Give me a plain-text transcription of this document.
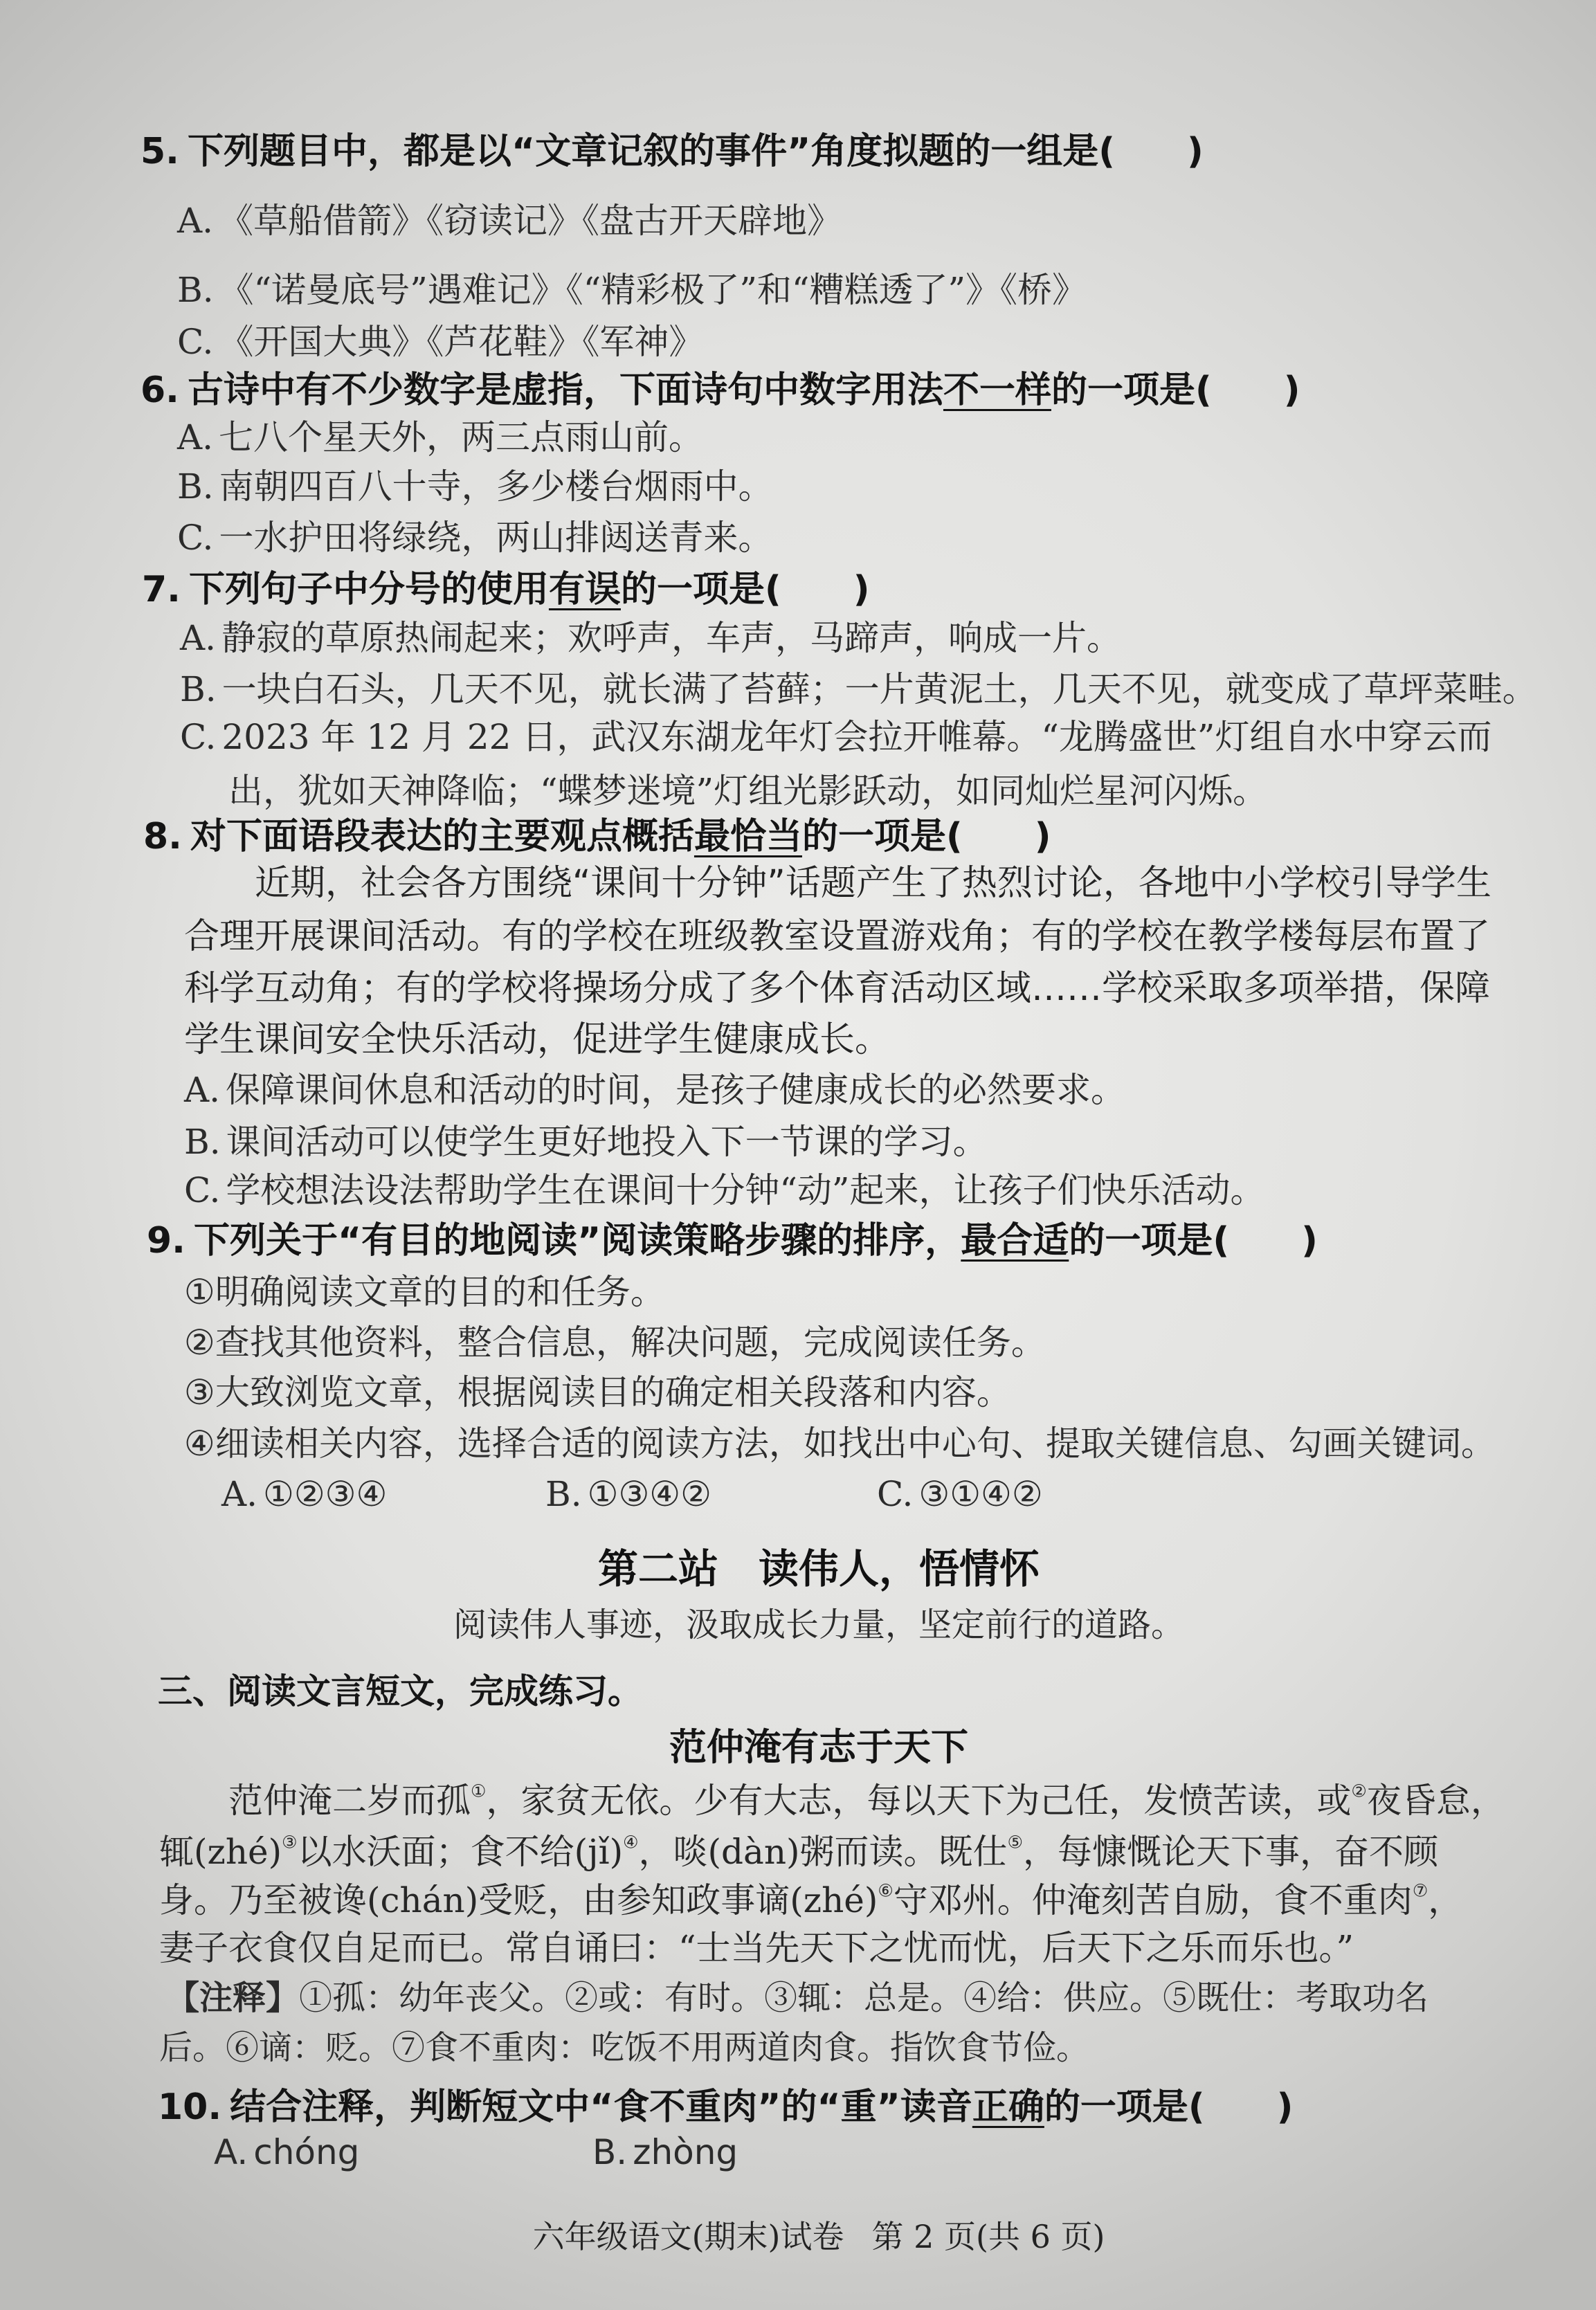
5. 下列题目中，都是以“文章记叙的事件”角度拟题的一组是(　　)
A. 《草船借箭》《窃读记》《盘古开天辟地》
B. 《“诺曼底号”遇难记》《“精彩极了”和“糟糕透了”》《桥》
C. 《开国大典》《芦花鞋》《军神》
6. 古诗中有不少数字是虚指，下面诗句中数字用法不一样的一项是(　　)
A. 七八个星天外，两三点雨山前。
B. 南朝四百八十寺，多少楼台烟雨中。
C. 一水护田将绿绕，两山排闼送青来。
7. 下列句子中分号的使用有误的一项是(　　)
A. 静寂的草原热闹起来；欢呼声，车声，马蹄声，响成一片。
B. 一块白石头，几天不见，就长满了苔藓；一片黄泥土，几天不见，就变成了草坪菜畦。
C. 2023 年 12 月 22 日，武汉东湖龙年灯会拉开帷幕。“龙腾盛世”灯组自水中穿云而
出，犹如天神降临；“蝶梦迷境”灯组光影跃动，如同灿烂星河闪烁。
8. 对下面语段表达的主要观点概括最恰当的一项是(　　)
近期，社会各方围绕“课间十分钟”话题产生了热烈讨论，各地中小学校引导学生
合理开展课间活动。有的学校在班级教室设置游戏角；有的学校在教学楼每层布置了
科学互动角；有的学校将操场分成了多个体育活动区域……学校采取多项举措，保障
学生课间安全快乐活动，促进学生健康成长。
A. 保障课间休息和活动的时间，是孩子健康成长的必然要求。
B. 课间活动可以使学生更好地投入下一节课的学习。
C. 学校想法设法帮助学生在课间十分钟“动”起来，让孩子们快乐活动。
9. 下列关于“有目的地阅读”阅读策略步骤的排序，最合适的一项是(　　)
①明确阅读文章的目的和任务。
②查找其他资料，整合信息，解决问题，完成阅读任务。
③大致浏览文章，根据阅读目的确定相关段落和内容。
④细读相关内容，选择合适的阅读方法，如找出中心句、提取关键信息、勾画关键词。
A. ①②③④	B. ①③④②	C. ③①④②
第二站 读伟人，悟情怀
阅读伟人事迹，汲取成长力量，坚定前行的道路。
三、阅读文言短文，完成练习。
范仲淹有志于天下
范仲淹二岁而孤①，家贫无依。少有大志，每以天下为己任，发愤苦读，或②夜昏怠，
辄(zhé)③以水沃面；食不给(jǐ)④，啖(dàn)粥而读。既仕⑤，每慷慨论天下事，奋不顾
身。乃至被谗(chán)受贬，由参知政事谪(zhé)⑥守邓州。仲淹刻苦自励，食不重肉⑦，
妻子衣食仅自足而已。常自诵曰：“士当先天下之忧而忧，后天下之乐而乐也。”
【注释】①孤：幼年丧父。②或：有时。③辄：总是。④给：供应。⑤既仕：考取功名
后。⑥谪：贬。⑦食不重肉：吃饭不用两道肉食。指饮食节俭。
10. 结合注释，判断短文中“食不重肉”的“重”读音正确的一项是(　　)
A. chóng	B. zhòng
六年级语文(期末)试卷 第 2 页(共 6 页)
